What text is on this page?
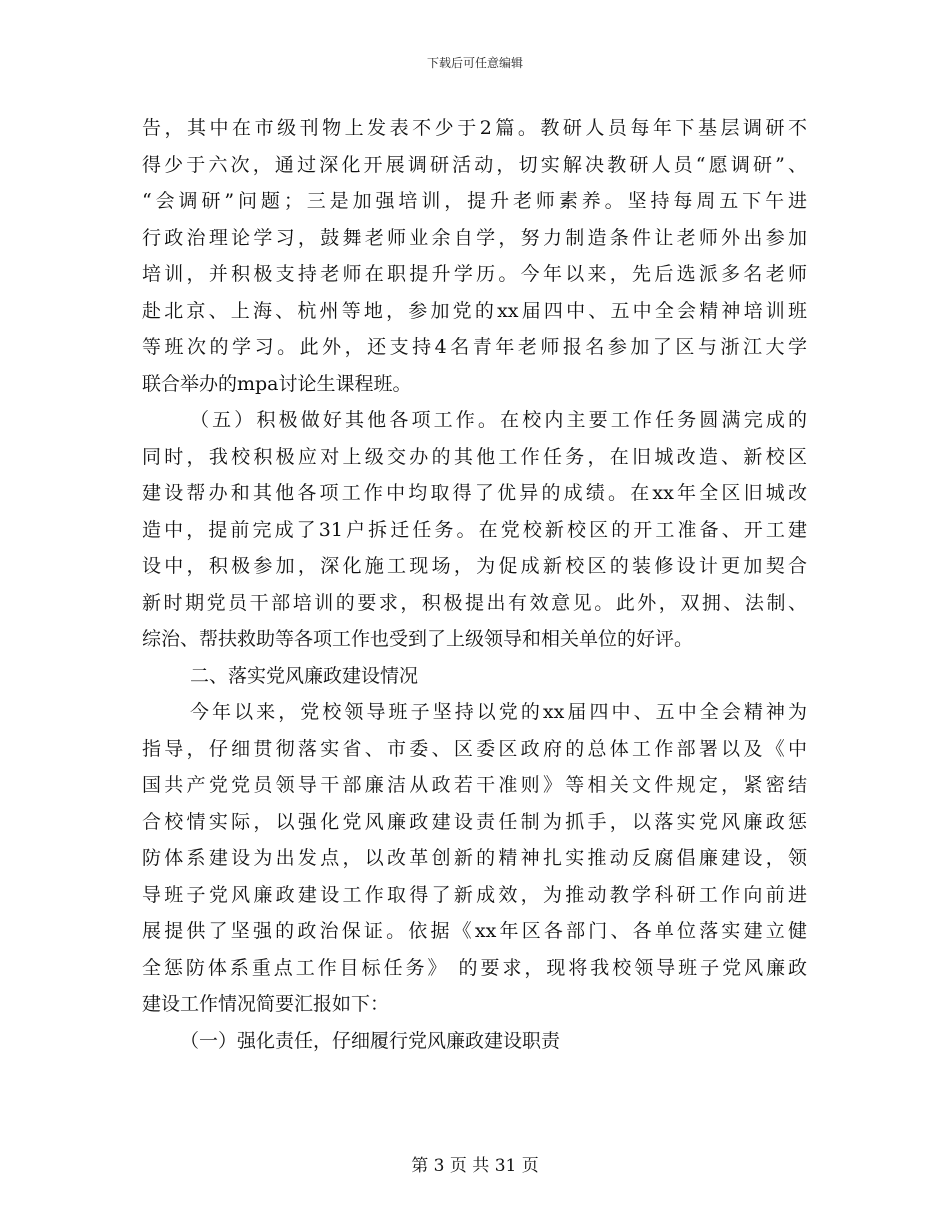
下载后可任意编辑
告，其中在市级刊物上发表不少于2篇。教研人员每年下基层调研不
得少于六次，通过深化开展调研活动，切实解决教研人员“愿调研”、
“会调研”问题；三是加强培训，提升老师素养。坚持每周五下午进
行政治理论学习，鼓舞老师业余自学，努力制造条件让老师外出参加
培训，并积极支持老师在职提升学历。今年以来，先后选派多名老师
赴北京、上海、杭州等地，参加党的xx届四中、五中全会精神培训班
等班次的学习。此外，还支持4名青年老师报名参加了区与浙江大学
联合举办的mpa讨论生课程班。
（五）积极做好其他各项工作。在校内主要工作任务圆满完成的
同时，我校积极应对上级交办的其他工作任务，在旧城改造、新校区
建设帮办和其他各项工作中均取得了优异的成绩。在xx年全区旧城改
造中，提前完成了31户拆迁任务。在党校新校区的开工准备、开工建
设中，积极参加，深化施工现场，为促成新校区的装修设计更加契合
新时期党员干部培训的要求，积极提出有效意见。此外，双拥、法制、
综治、帮扶救助等各项工作也受到了上级领导和相关单位的好评。
二、落实党风廉政建设情况
今年以来，党校领导班子坚持以党的xx届四中、五中全会精神为
指导，仔细贯彻落实省、市委、区委区政府的总体工作部署以及《中
国共产党党员领导干部廉洁从政若干准则》等相关文件规定，紧密结
合校情实际，以强化党风廉政建设责任制为抓手，以落实党风廉政惩
防体系建设为出发点，以改革创新的精神扎实推动反腐倡廉建设，领
导班子党风廉政建设工作取得了新成效，为推动教学科研工作向前进
展提供了坚强的政治保证。依据《xx年区各部门、各单位落实建立健
全惩防体系重点工作目标任务》 的要求，现将我校领导班子党风廉政
建设工作情况简要汇报如下：
（一）强化责任，仔细履行党风廉政建设职责
第 3 页 共 31 页
